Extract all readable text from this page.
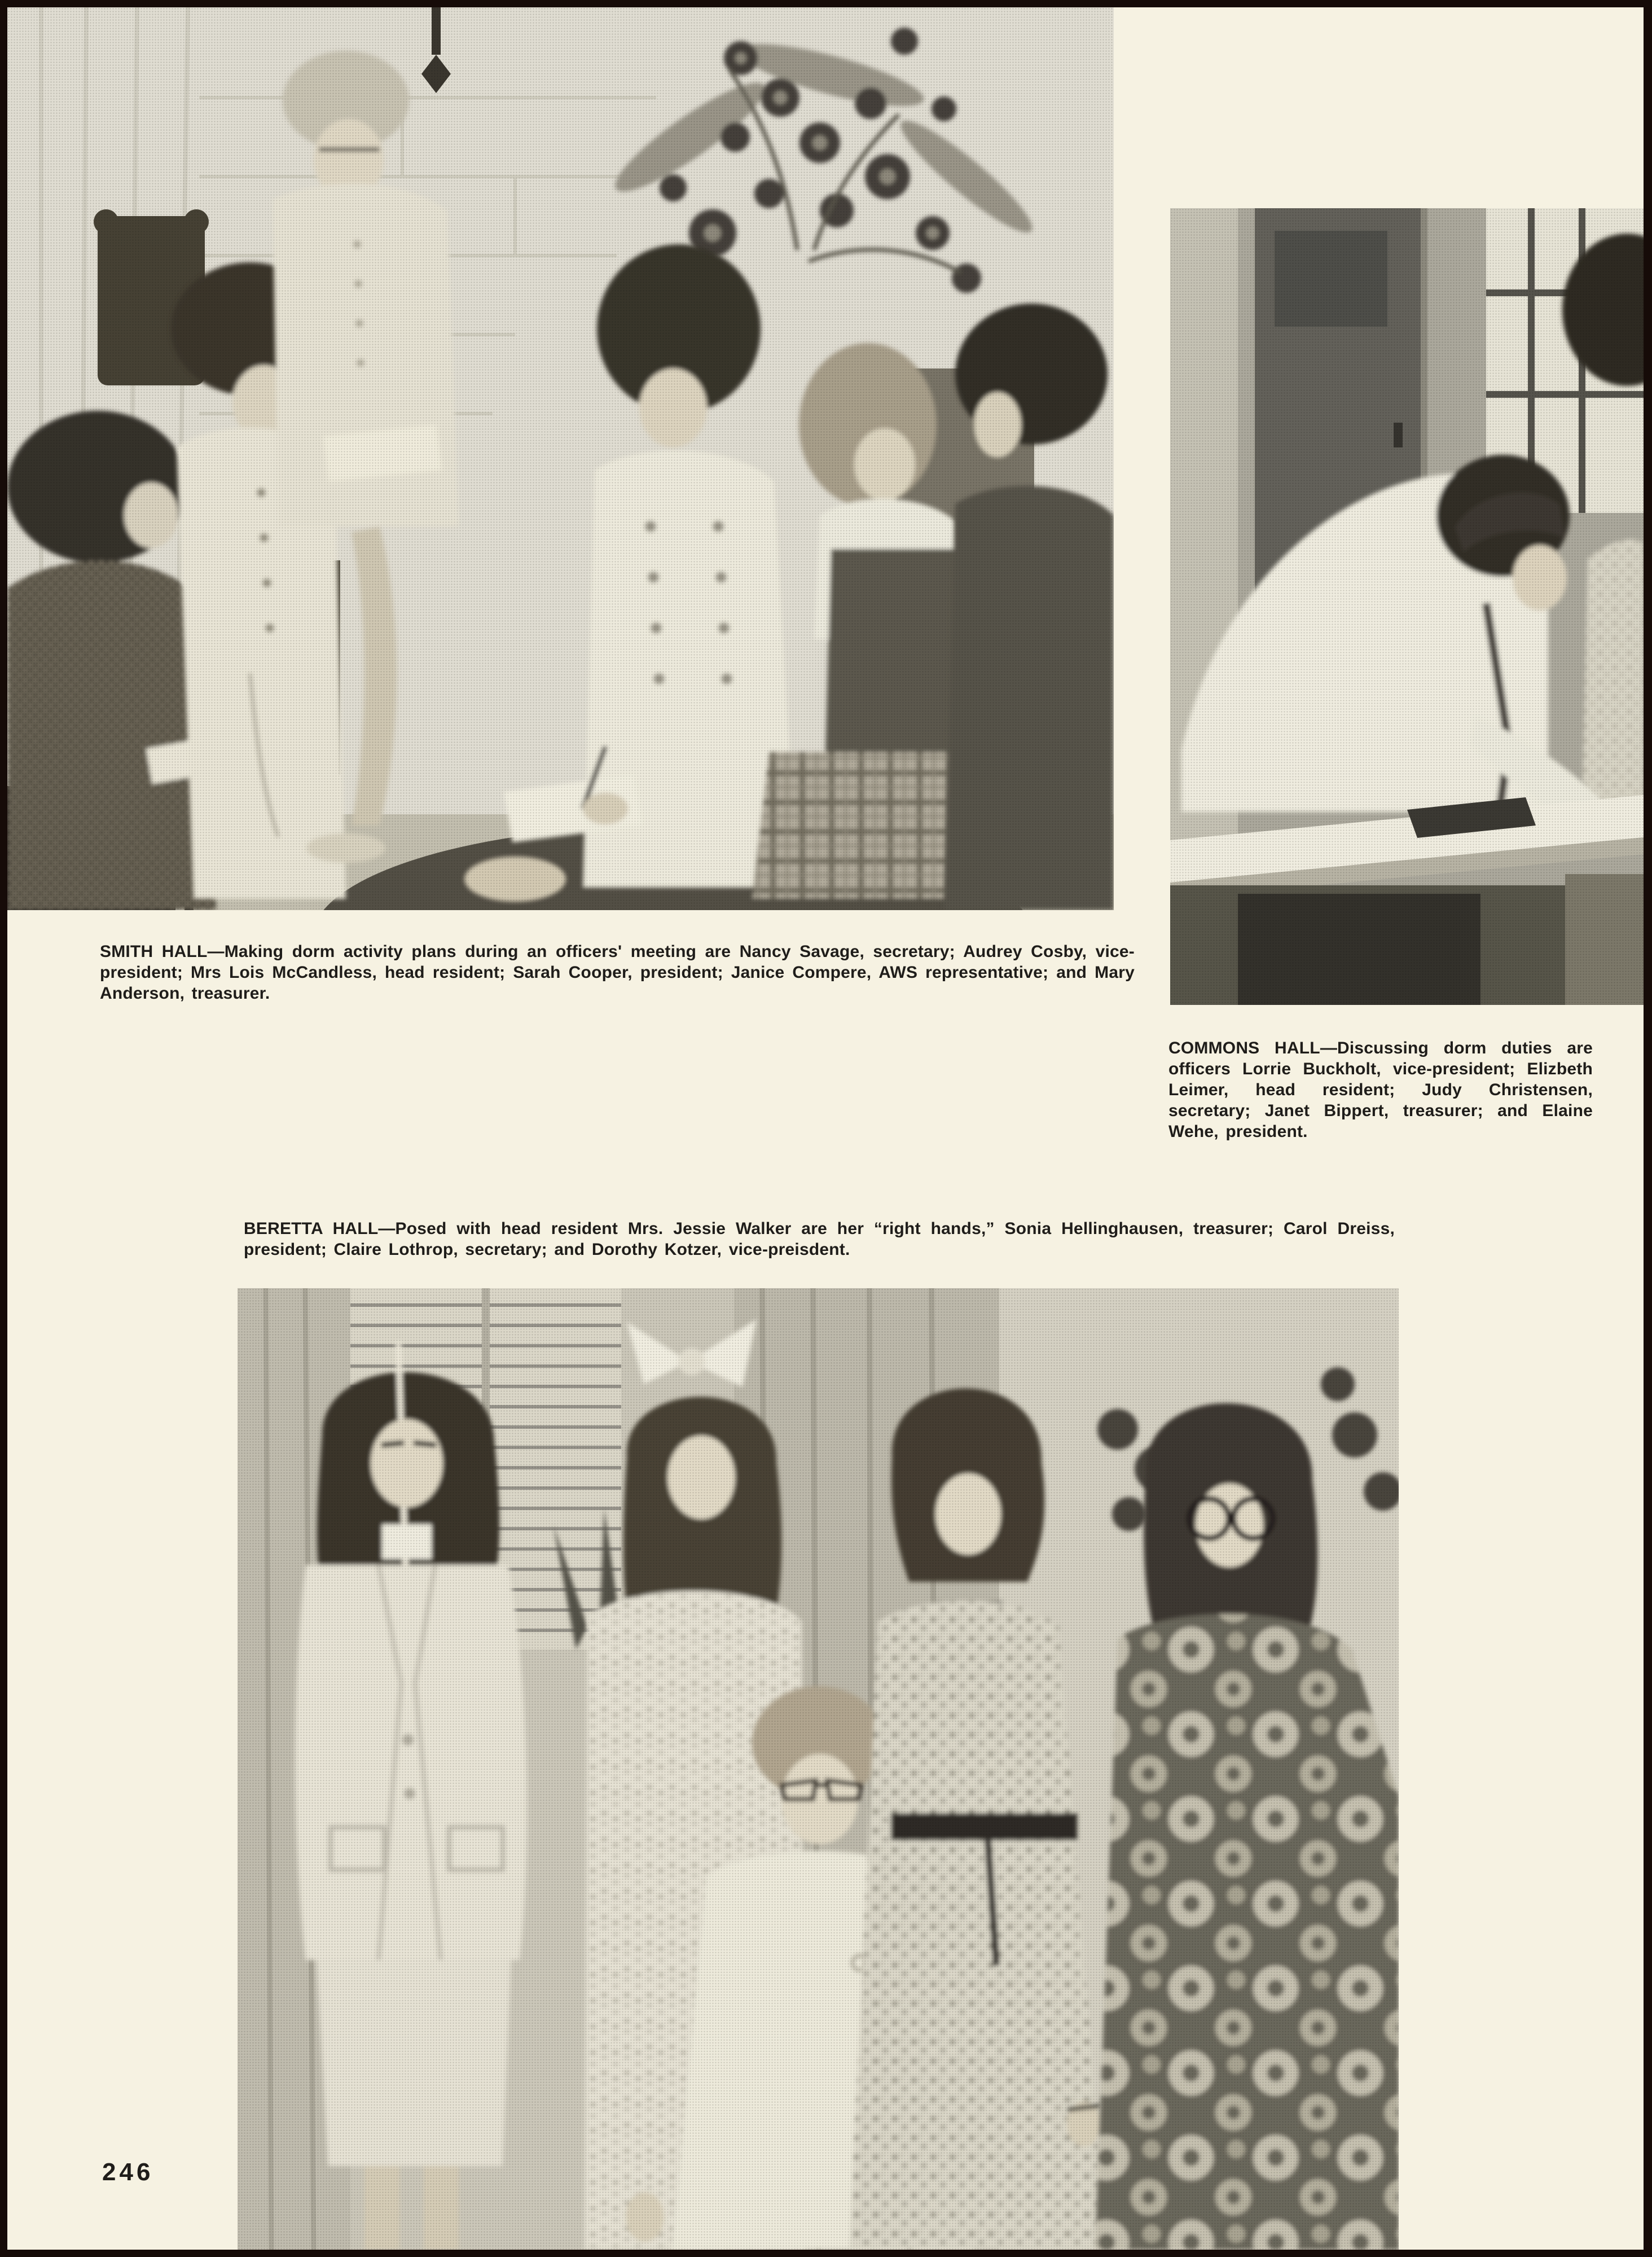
SMITH HALL—Making dorm activity plans during an officers' meeting are Nancy Savage, secretary; Audrey Cosby, vice-president; Mrs Lois McCandless, head resident; Sarah Cooper, president; Janice Compere, AWS representative; and Mary Anderson, treasurer.

COMMONS HALL—Discussing dorm duties are officers Lorrie Buckholt, vice-president; Elizbeth Leimer, head resident; Judy Christensen, secretary; Janet Bippert, treasurer; and Elaine Wehe, president.

BERETTA HALL—Posed with head resident Mrs. Jessie Walker are her “right hands,” Sonia Hellinghausen, treasurer; Carol Dreiss, president; Claire Lothrop, secretary; and Dorothy Kotzer, vice-preisdent.

246
